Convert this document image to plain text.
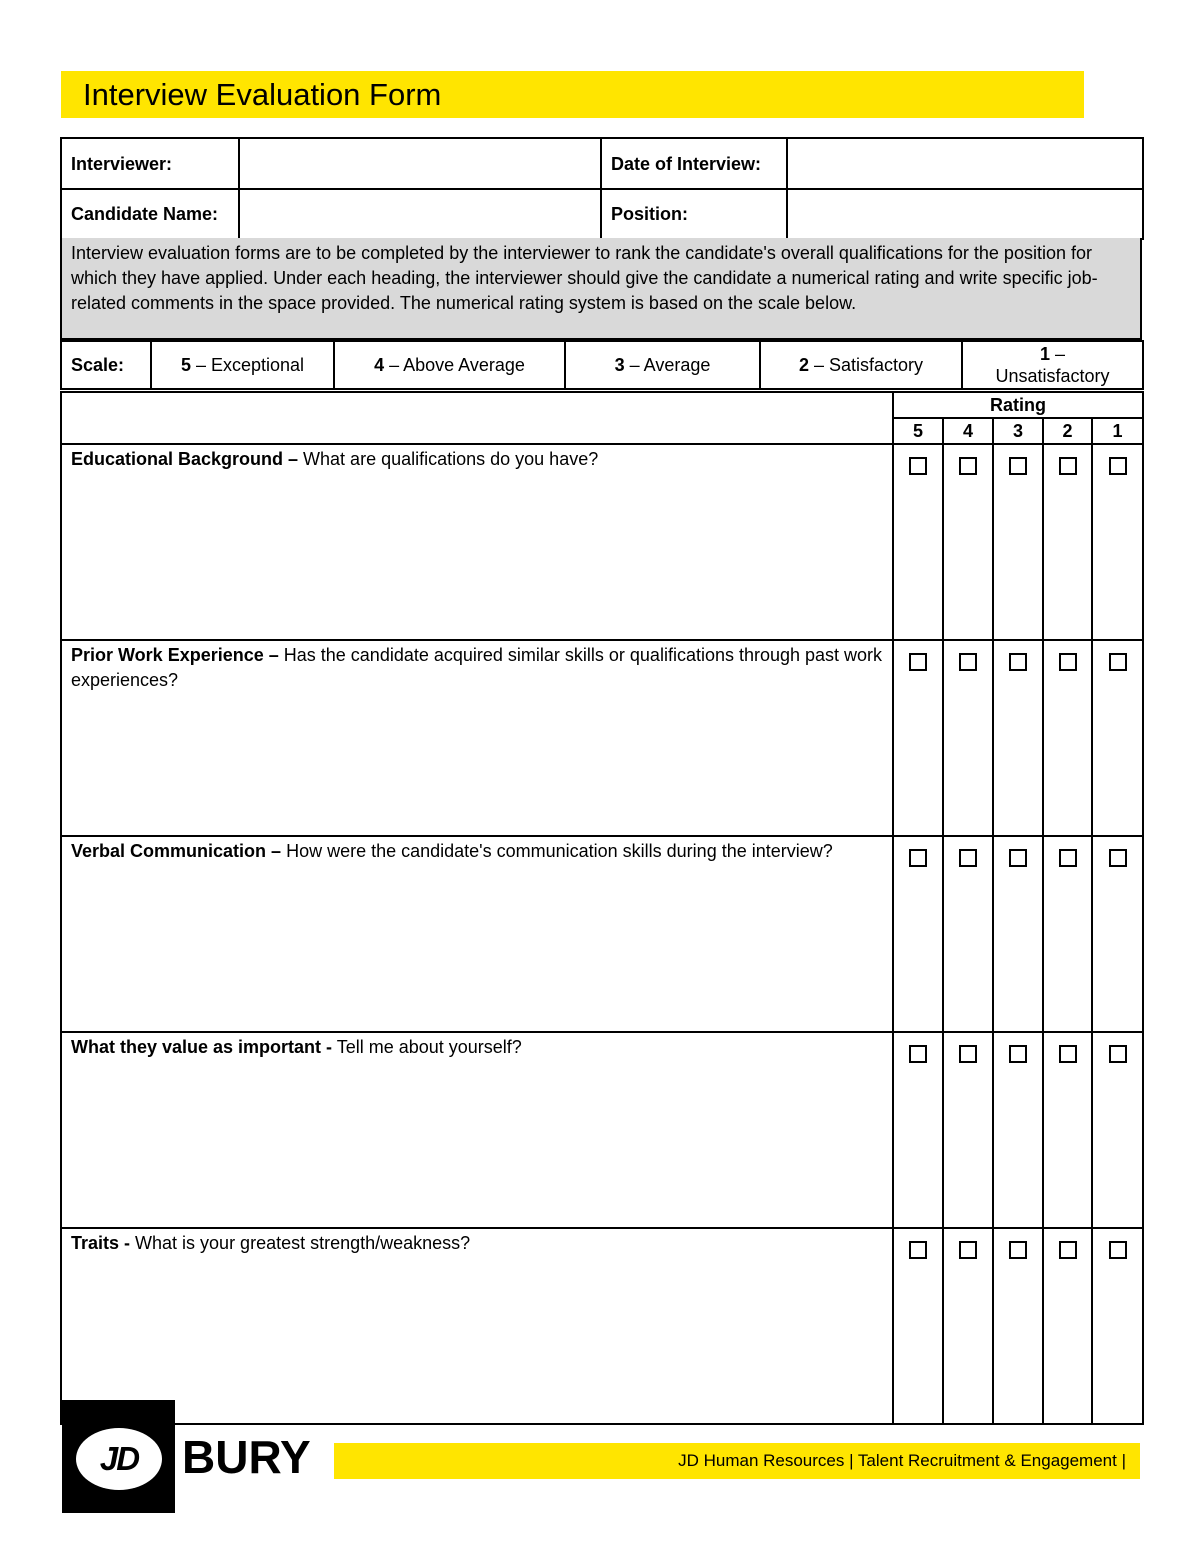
Interview Evaluation Form
Interviewer:		Date of Interview:	
Candidate Name:		Position:	
Interview evaluation forms are to be completed by the interviewer to rank the candidate's overall qualifications for the position for which they have applied. Under each heading, the interviewer should give the candidate a numerical rating and write specific job-related comments in the space provided. The numerical rating system is based on the scale below.
Scale:	5 – Exceptional	4 – Above Average	3 – Average	2 – Satisfactory	1 –
Unsatisfactory
	Rating				
	5	4	3	2	1
Educational Background – What are qualifications do you have?					
Prior Work Experience – Has the candidate acquired similar skills or qualifications through past work experiences?					
Verbal Communication – How were the candidate's communication skills during the interview?					
What they value as important - Tell me about yourself?					
Traits - What is your greatest strength/weakness?					
JD BURY	JD Human Resources | Talent Recruitment & Engagement |
